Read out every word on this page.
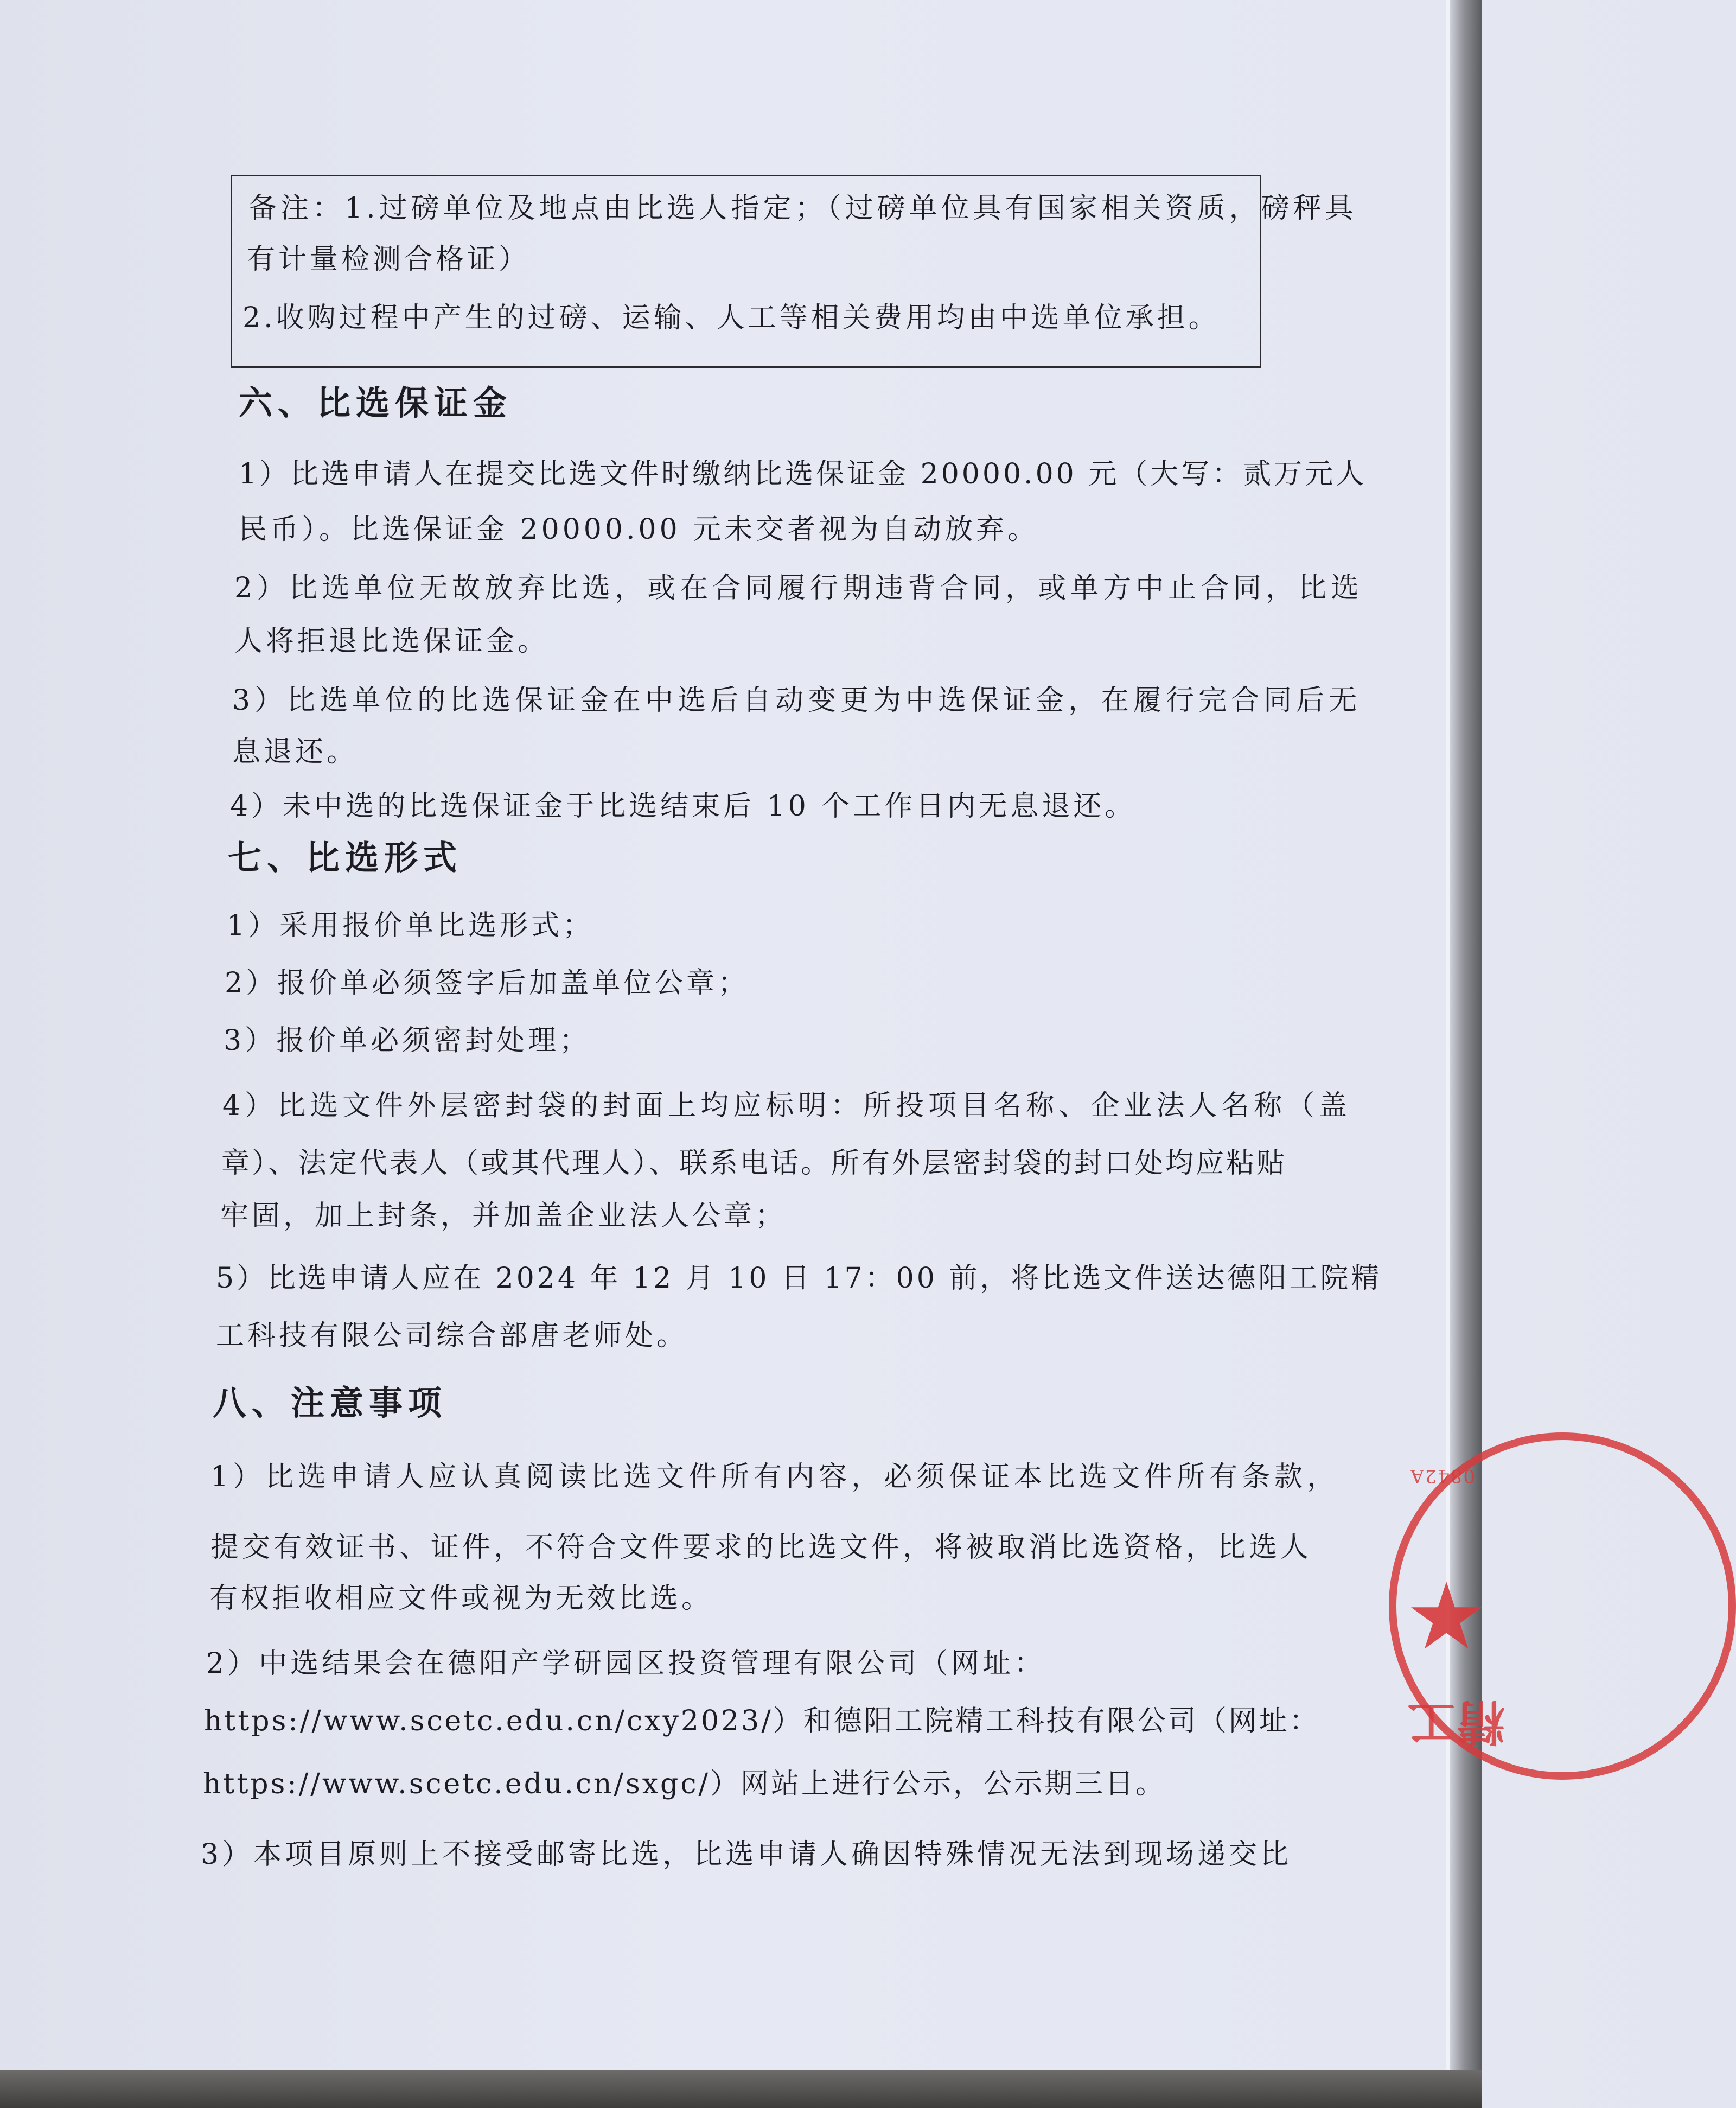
备注：1.过磅单位及地点由比选人指定；（过磅单位具有国家相关资质，磅秤具
有计量检测合格证）
2.收购过程中产生的过磅、运输、人工等相关费用均由中选单位承担。
六、比选保证金
1）比选申请人在提交比选文件时缴纳比选保证金 20000.00 元（大写：贰万元人
民币）。比选保证金 20000.00 元未交者视为自动放弃。
2）比选单位无故放弃比选，或在合同履行期违背合同，或单方中止合同，比选
人将拒退比选保证金。
3）比选单位的比选保证金在中选后自动变更为中选保证金，在履行完合同后无
息退还。
4）未中选的比选保证金于比选结束后 10 个工作日内无息退还。
七、比选形式
1）采用报价单比选形式；
2）报价单必须签字后加盖单位公章；
3）报价单必须密封处理；
4）比选文件外层密封袋的封面上均应标明：所投项目名称、企业法人名称（盖
章）、法定代表人（或其代理人）、联系电话。所有外层密封袋的封口处均应粘贴
牢固，加上封条，并加盖企业法人公章；
5）比选申请人应在 2024 年 12 月 10 日 17：00 前，将比选文件送达德阳工院精
工科技有限公司综合部唐老师处。
八、注意事项
1）比选申请人应认真阅读比选文件所有内容，必须保证本比选文件所有条款，
提交有效证书、证件，不符合文件要求的比选文件，将被取消比选资格，比选人
有权拒收相应文件或视为无效比选。
2）中选结果会在德阳产学研园区投资管理有限公司（网址：
https://www.scetc.edu.cn/cxy2023/）和德阳工院精工科技有限公司（网址：
https://www.scetc.edu.cn/sxgc/）网站上进行公示，公示期三日。
3）本项目原则上不接受邮寄比选，比选申请人确因特殊情况无法到现场递交比
0842A
★
精工
